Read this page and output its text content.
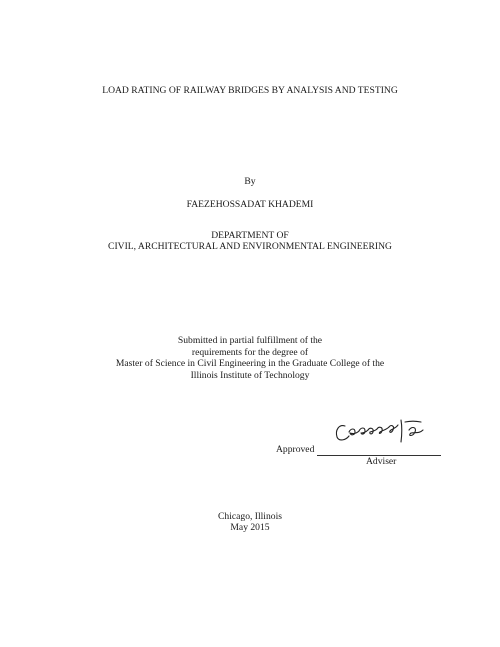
LOAD RATING OF RAILWAY BRIDGES BY ANALYSIS AND TESTING

By

FAEZEHOSSADAT KHADEMI

DEPARTMENT OF

CIVIL, ARCHITECTURAL AND ENVIRONMENTAL ENGINEERING

Submitted in partial fulfillment of the

requirements for the degree of

Master of Science in Civil Engineering in the Graduate College of the

Illinois Institute of Technology

Approved
Adviser

Chicago, Illinois

May 2015
